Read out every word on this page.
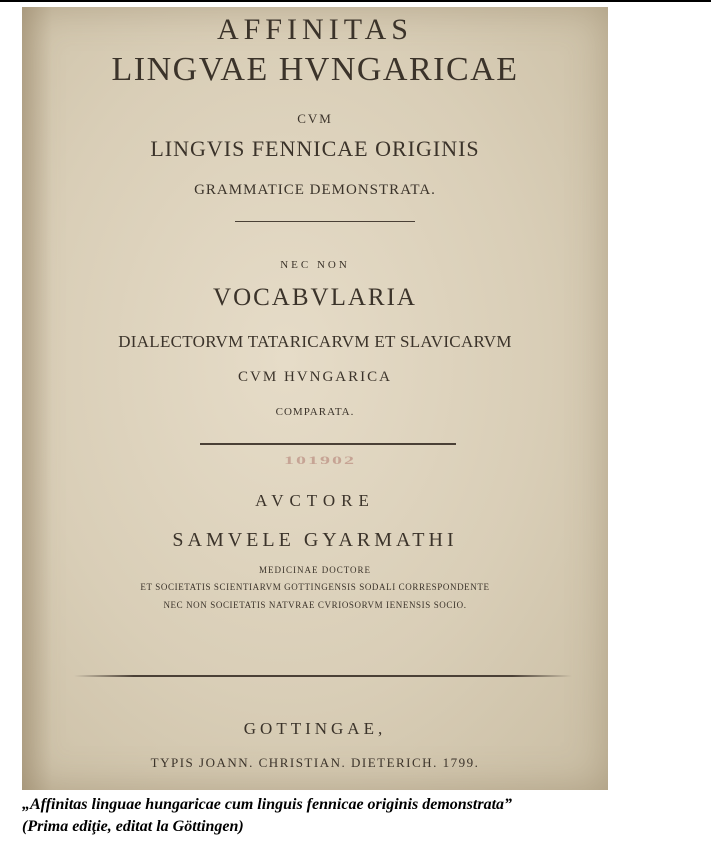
AFFINITAS

LINGVAE HVNGARICAE

CVM

LINGVIS FENNICAE ORIGINIS

GRAMMATICE DEMONSTRATA.

NEC NON

VOCABVLARIA

DIALECTORVM TATARICARVM ET SLAVICARVM

CVM HVNGARICA

COMPARATA.

101902

AVCTORE

SAMVELE GYARMATHI

MEDICINAE DOCTORE

ET SOCIETATIS SCIENTIARVM GOTTINGENSIS SODALI CORRESPONDENTE

NEC NON SOCIETATIS NATVRAE CVRIOSORVM IENENSIS SOCIO.

GOTTINGAE,

TYPIS JOANN. CHRISTIAN. DIETERICH. 1799.

„Affinitas linguae hungaricae cum linguis fennicae originis demonstrata”

(Prima ediţie, editat la Göttingen)
